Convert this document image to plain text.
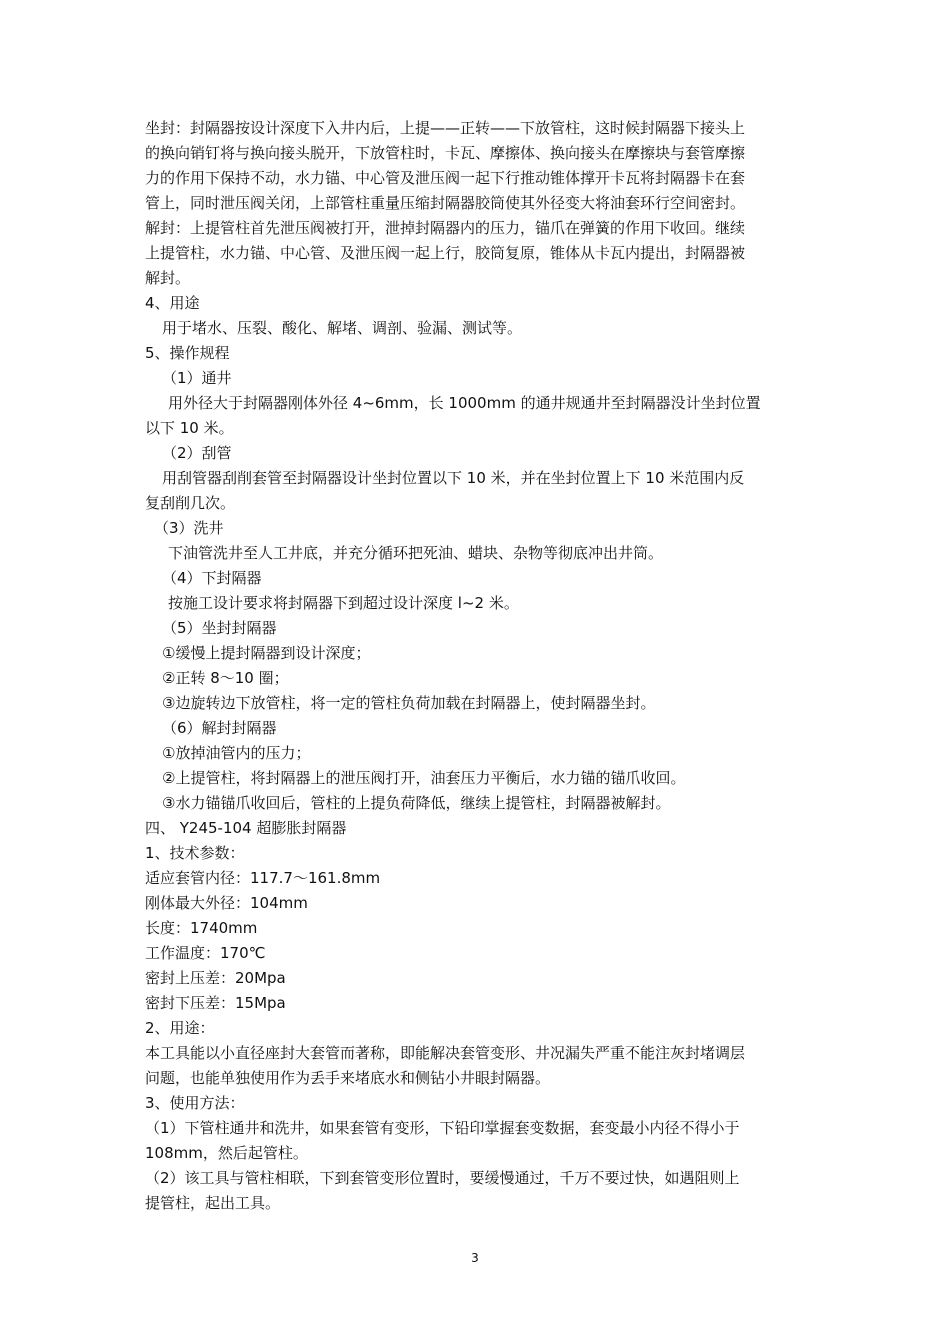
坐封：封隔器按设计深度下入井内后，上提——正转——下放管柱，这时候封隔器下接头上
的换向销钉将与换向接头脱开，下放管柱时，卡瓦、摩擦体、换向接头在摩擦块与套管摩擦
力的作用下保持不动，水力锚、中心管及泄压阀一起下行推动锥体撑开卡瓦将封隔器卡在套
管上，同时泄压阀关闭，上部管柱重量压缩封隔器胶筒使其外径变大将油套环行空间密封。
解封：上提管柱首先泄压阀被打开，泄掉封隔器内的压力，锚爪在弹簧的作用下收回。继续
上提管柱，水力锚、中心管、及泄压阀一起上行，胶筒复原，锥体从卡瓦内提出，封隔器被
解封。
4、用途
用于堵水、压裂、酸化、解堵、调剖、验漏、测试等。
5、操作规程
（1）通井
用外径大于封隔器刚体外径 4~6mm，长 1000mm 的通井规通井至封隔器没计坐封位置
以下 10 米。
（2）刮管
用刮管器刮削套管至封隔器设计坐封位置以下 10 米，并在坐封位置上下 10 米范围内反
复刮削几次。
（3）洗井
下油管洗井至人工井底，并充分循环把死油、蜡块、杂物等彻底冲出井筒。
（4）下封隔器
按施工设计要求将封隔器下到超过设计深度 l~2 米。
（5）坐封封隔器
①缓慢上提封隔器到设计深度；
②正转 8～10 圈；
③边旋转边下放管柱，将一定的管柱负荷加载在封隔器上，使封隔器坐封。
（6）解封封隔器
①放掉油管内的压力；
②上提管柱，将封隔器上的泄压阀打开，油套压力平衡后，水力锚的锚爪收回。
③水力锚锚爪收回后，管柱的上提负荷降低，继续上提管柱，封隔器被解封。
四、 Y245-104 超膨胀封隔器
1、技术参数：
适应套管内径：117.7～161.8mm
刚体最大外径：104mm
长度：1740mm
工作温度：170℃
密封上压差：20Mpa
密封下压差：15Mpa
2、用途：
本工具能以小直径座封大套管而著称，即能解决套管变形、井况漏失严重不能注灰封堵调层
问题，也能单独使用作为丢手来堵底水和侧钻小井眼封隔器。
3、使用方法：
（1）下管柱通井和洗井，如果套管有变形，下铅印掌握套变数据，套变最小内径不得小于
108mm，然后起管柱。
（2）该工具与管柱相联，下到套管变形位置时，要缓慢通过，千万不要过快，如遇阻则上
提管柱，起出工具。
3
